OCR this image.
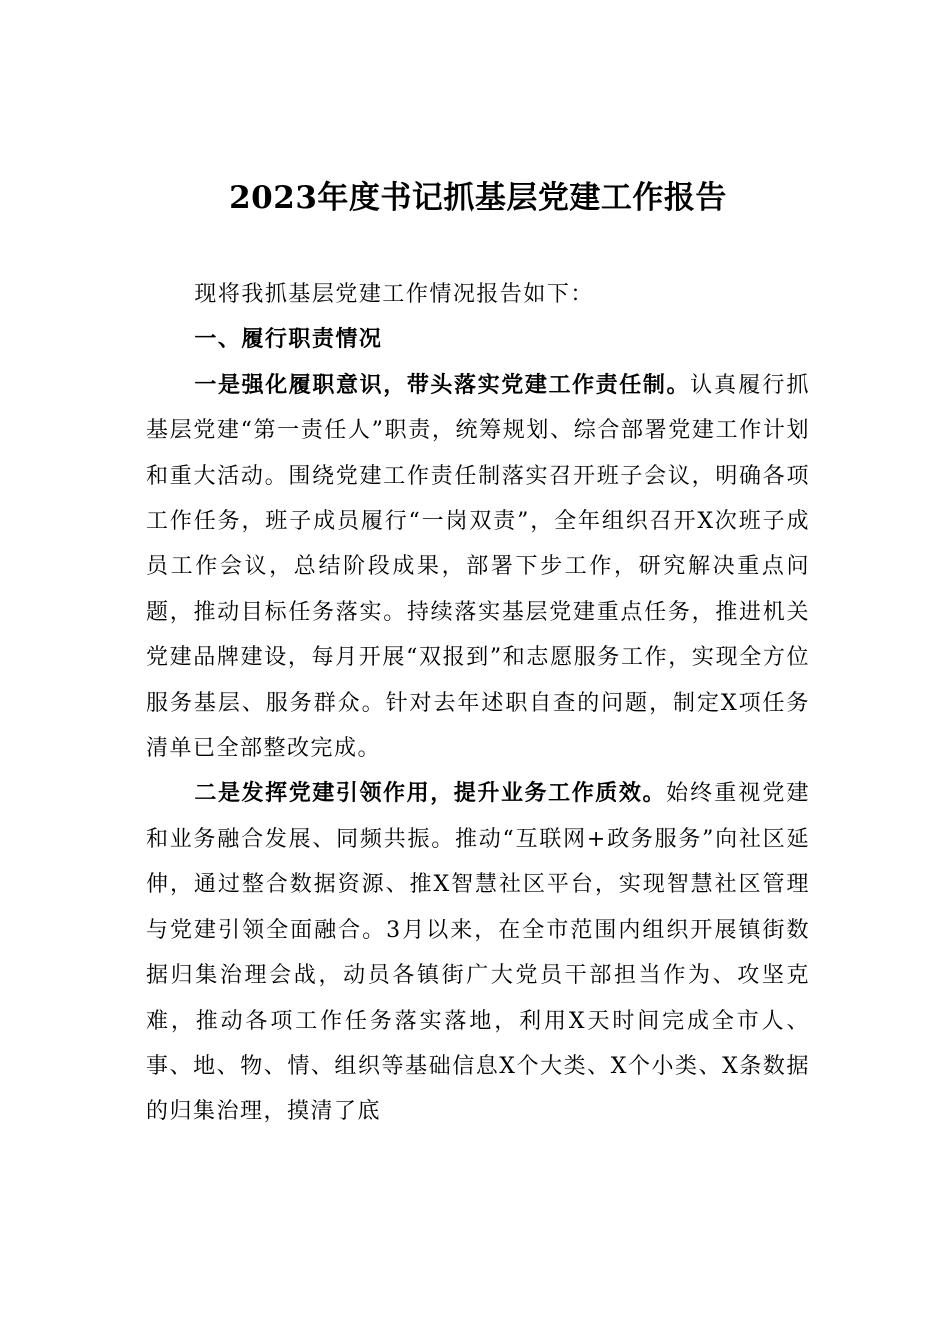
2023年度书记抓基层党建工作报告

现将我抓基层党建工作情况报告如下：

一、履行职责情况

一是强化履职意识，带头落实党建工作责任制。认真履行抓基层党建“第一责任人”职责，统筹规划、综合部署党建工作计划和重大活动。围绕党建工作责任制落实召开班子会议，明确各项工作任务，班子成员履行“一岗双责”，全年组织召开X次班子成员工作会议，总结阶段成果，部署下步工作，研究解决重点问题，推动目标任务落实。持续落实基层党建重点任务，推进机关党建品牌建设，每月开展“双报到”和志愿服务工作，实现全方位服务基层、服务群众。针对去年述职自查的问题，制定X项任务清单已全部整改完成。

二是发挥党建引领作用，提升业务工作质效。始终重视党建和业务融合发展、同频共振。推动“互联网+政务服务”向社区延伸，通过整合数据资源、推X智慧社区平台，实现智慧社区管理与党建引领全面融合。3月以来，在全市范围内组织开展镇街数据归集治理会战，动员各镇街广大党员干部担当作为、攻坚克难，推动各项工作任务落实落地，利用X天时间完成全市人、事、地、物、情、组织等基础信息X个大类、X个小类、X条数据的归集治理，摸清了底
